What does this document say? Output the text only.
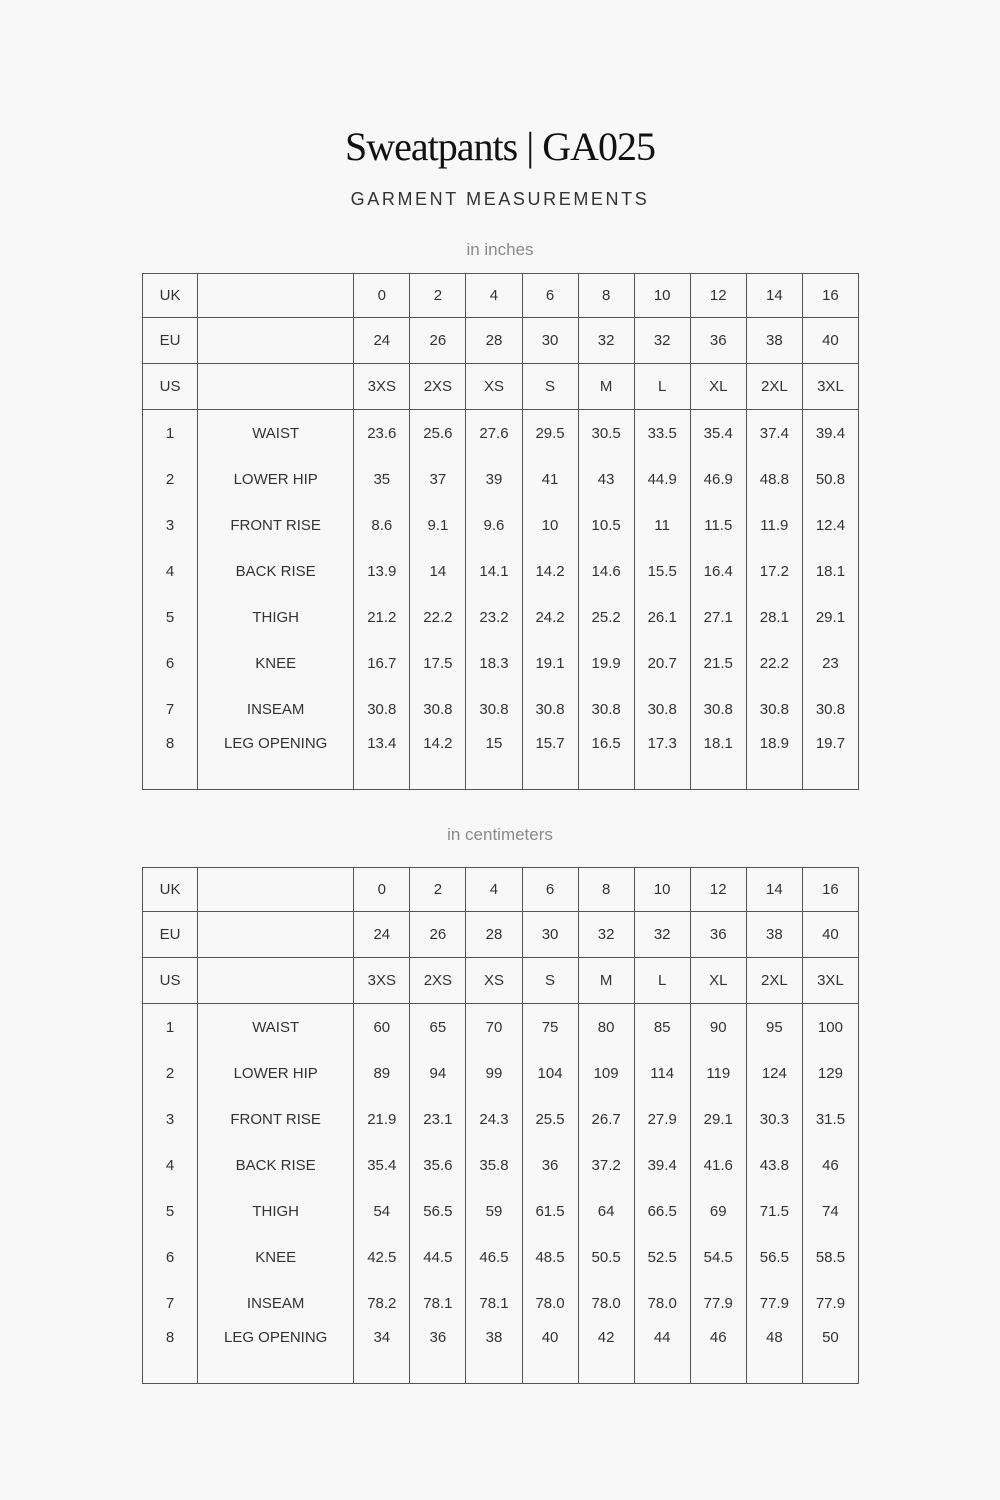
Sweatpants | GA025
GARMENT MEASUREMENTS
in inches
UK		0	2	4	6	8	10	12	14	16
EU		24	26	28	30	32	32	36	38	40
US		3XS	2XS	XS	S	M	L	XL	2XL	3XL
1	WAIST	23.6	25.6	27.6	29.5	30.5	33.5	35.4	37.4	39.4
2	LOWER HIP	35	37	39	41	43	44.9	46.9	48.8	50.8
3	FRONT RISE	8.6	9.1	9.6	10	10.5	11	11.5	11.9	12.4
4	BACK RISE	13.9	14	14.1	14.2	14.6	15.5	16.4	17.2	18.1
5	THIGH	21.2	22.2	23.2	24.2	25.2	26.1	27.1	28.1	29.1
6	KNEE	16.7	17.5	18.3	19.1	19.9	20.7	21.5	22.2	23
7	INSEAM	30.8	30.8	30.8	30.8	30.8	30.8	30.8	30.8	30.8
8	LEG OPENING	13.4	14.2	15	15.7	16.5	17.3	18.1	18.9	19.7
in centimeters
UK		0	2	4	6	8	10	12	14	16
EU		24	26	28	30	32	32	36	38	40
US		3XS	2XS	XS	S	M	L	XL	2XL	3XL
1	WAIST	60	65	70	75	80	85	90	95	100
2	LOWER HIP	89	94	99	104	109	114	119	124	129
3	FRONT RISE	21.9	23.1	24.3	25.5	26.7	27.9	29.1	30.3	31.5
4	BACK RISE	35.4	35.6	35.8	36	37.2	39.4	41.6	43.8	46
5	THIGH	54	56.5	59	61.5	64	66.5	69	71.5	74
6	KNEE	42.5	44.5	46.5	48.5	50.5	52.5	54.5	56.5	58.5
7	INSEAM	78.2	78.1	78.1	78.0	78.0	78.0	77.9	77.9	77.9
8	LEG OPENING	34	36	38	40	42	44	46	48	50
